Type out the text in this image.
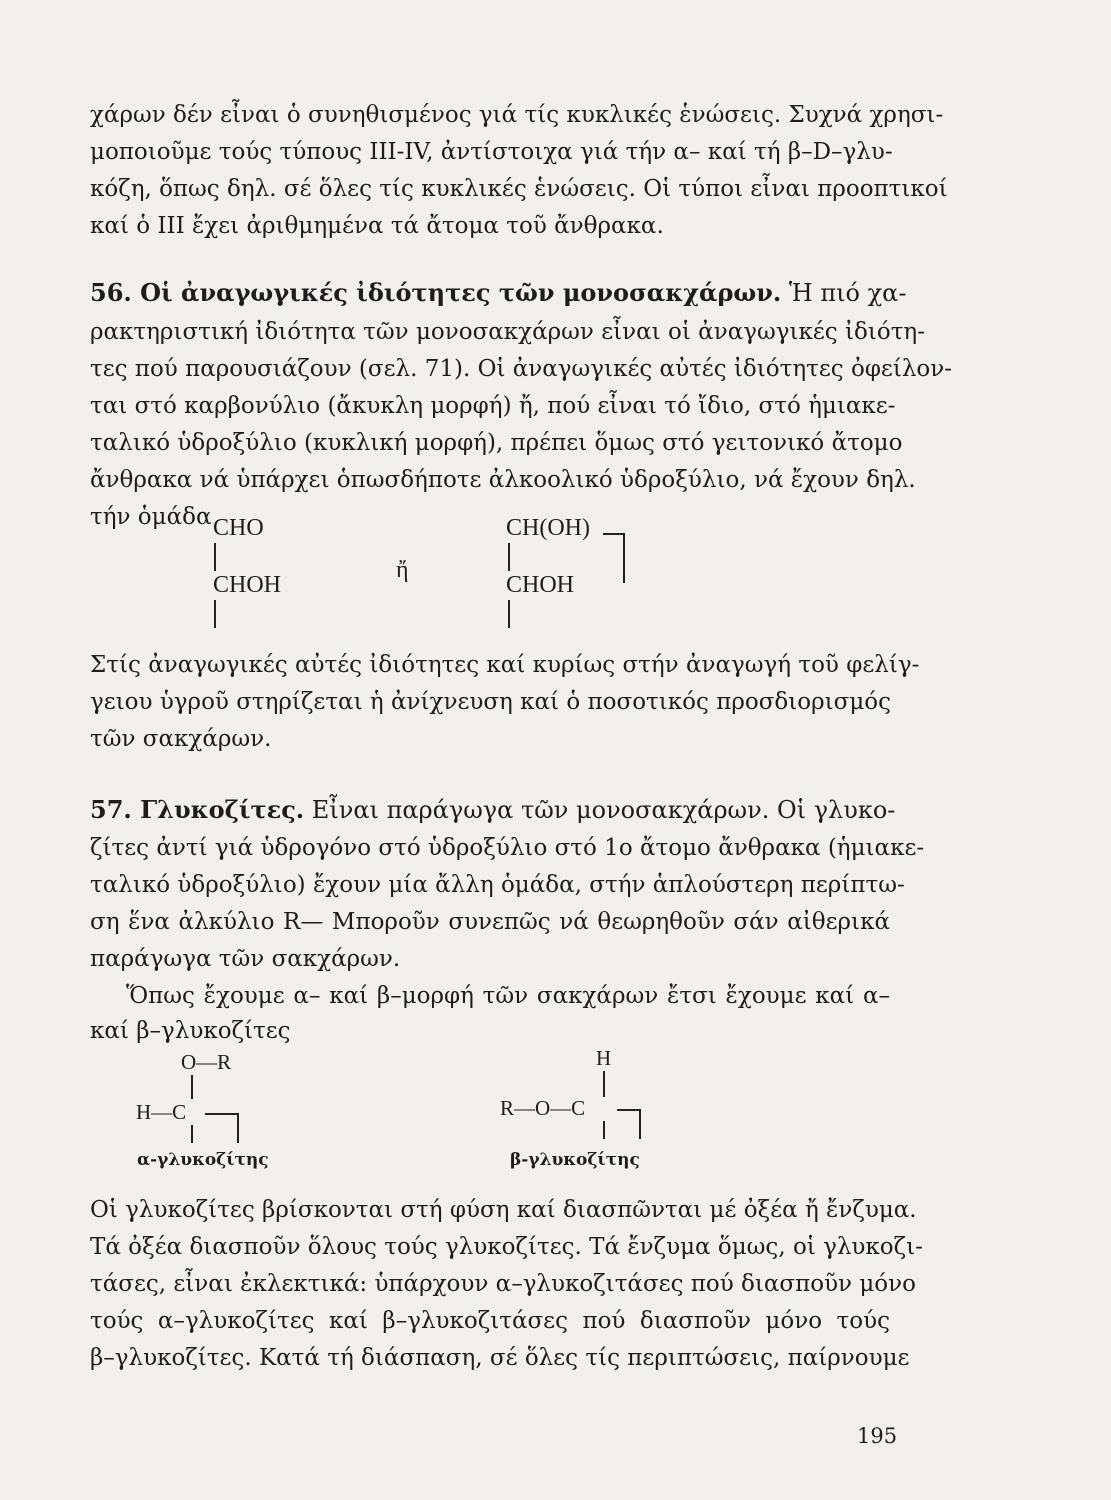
χάρων δέν εἶναι ὁ συνηθισμένος γιά τίς κυκλικές ἑνώσεις. Συχνά χρησι-
μοποιοῦμε τούς τύπους III-IV, ἀντίστοιχα γιά τήν α– καί τή β–D–γλυ-
κόζη, ὅπως δηλ. σέ ὅλες τίς κυκλικές ἑνώσεις. Οἱ τύποι εἶναι προοπτικοί
καί ὁ III ἔχει ἀριθμημένα τά ἄτομα τοῦ ἄνθρακα.
56. Οἱ ἀναγωγικές ἰδιότητες τῶν μονοσακχάρων. Ἡ πιό χα-
ρακτηριστική ἰδιότητα τῶν μονοσακχάρων εἶναι οἱ ἀναγωγικές ἰδιότη-
τες πού παρουσιάζουν (σελ. 71). Οἱ ἀναγωγικές αὐτές ἰδιότητες ὀφείλον-
ται στό καρβονύλιο (ἄκυκλη μορφή) ἤ, πού εἶναι τό ἴδιο, στό ἡμιακε-
ταλικό ὑδροξύλιο (κυκλική μορφή), πρέπει ὅμως στό γειτονικό ἄτομο
ἄνθρακα νά ὑπάρχει ὁπωσδήποτε ἀλκοολικό ὑδροξύλιο, νά ἔχουν δηλ.
τήν ὁμάδα CHO
CHOH
ἤ
CH(OH)
CHOH
Στίς ἀναγωγικές αὐτές ἰδιότητες καί κυρίως στήν ἀναγωγή τοῦ φελίγ-
γειου ὑγροῦ στηρίζεται ἡ ἀνίχνευση καί ὁ ποσοτικός προσδιορισμός
τῶν σακχάρων.
57. Γλυκοζίτες. Εἶναι παράγωγα τῶν μονοσακχάρων. Οἱ γλυκο-
ζίτες ἀντί γιά ὑδρογόνο στό ὑδροξύλιο στό 1ο ἄτομο ἄνθρακα (ἡμιακε-
ταλικό ὑδροξύλιο) ἔχουν μία ἄλλη ὁμάδα, στήν ἁπλούστερη περίπτω-
ση ἕνα ἀλκύλιο R— Μποροῦν συνεπῶς νά θεωρηθοῦν σάν αἰθερικά
παράγωγα τῶν σακχάρων.
Ὅπως ἔχουμε α– καί β–μορφή τῶν σακχάρων ἔτσι ἔχουμε καί α–
καί β–γλυκοζίτες
O—R
H—C
α-γλυκοζίτης
H
R—O—C
β-γλυκοζίτης
Οἱ γλυκοζίτες βρίσκονται στή φύση καί διασπῶνται μέ ὀξέα ἤ ἔνζυμα.
Τά ὀξέα διασποῦν ὅλους τούς γλυκοζίτες. Τά ἔνζυμα ὅμως, οἱ γλυκοζι-
τάσες, εἶναι ἐκλεκτικά: ὑπάρχουν α–γλυκοζιτάσες πού διασποῦν μόνο
τούς α–γλυκοζίτες καί β–γλυκοζιτάσες πού διασποῦν μόνο τούς
β–γλυκοζίτες. Κατά τή διάσπαση, σέ ὅλες τίς περιπτώσεις, παίρνουμε
195
